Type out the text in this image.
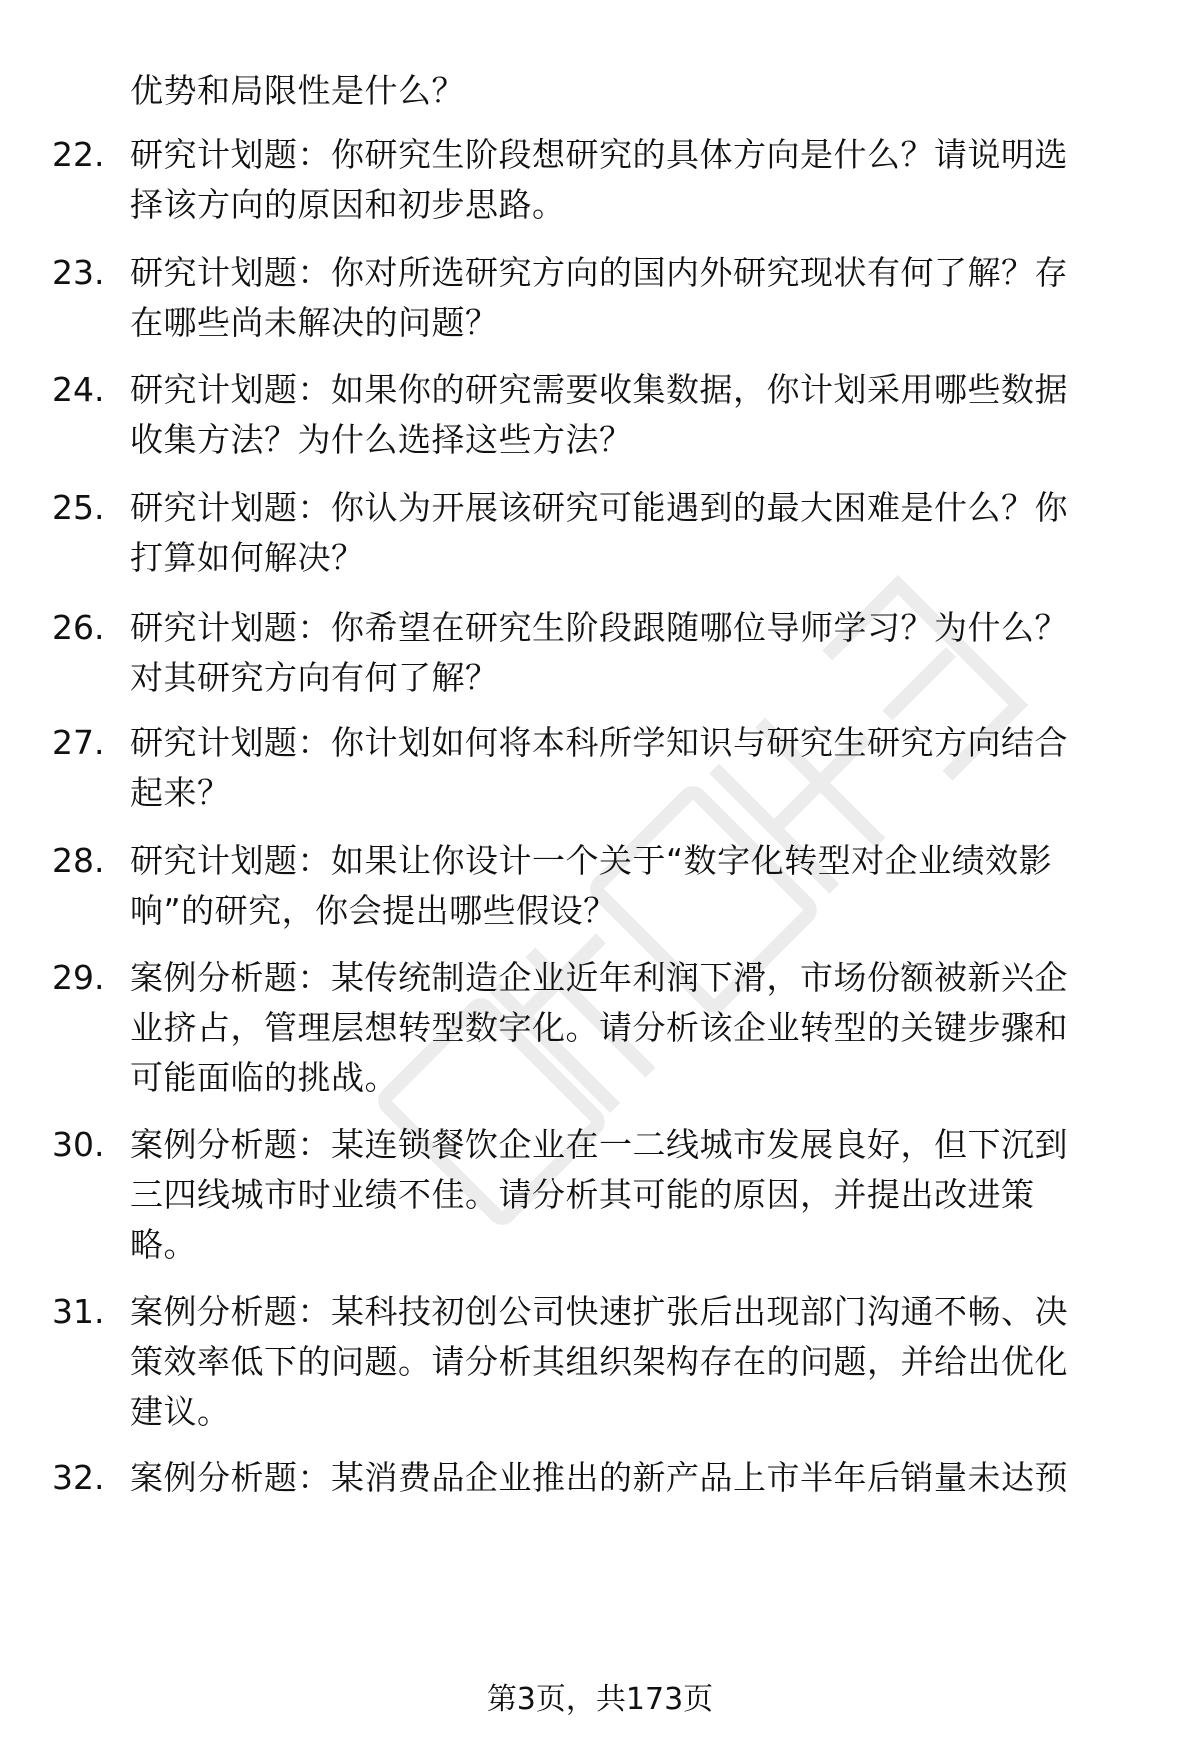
优势和局限性是什么？
22. 研究计划题：你研究生阶段想研究的具体方向是什么？请说明选
择该方向的原因和初步思路。
23. 研究计划题：你对所选研究方向的国内外研究现状有何了解？存
在哪些尚未解决的问题？
24. 研究计划题：如果你的研究需要收集数据，你计划采用哪些数据
收集方法？为什么选择这些方法？
25. 研究计划题：你认为开展该研究可能遇到的最大困难是什么？你
打算如何解决？
26. 研究计划题：你希望在研究生阶段跟随哪位导师学习？为什么？
对其研究方向有何了解？
27. 研究计划题：你计划如何将本科所学知识与研究生研究方向结合
起来？
28. 研究计划题：如果让你设计一个关于“数字化转型对企业绩效影
响”的研究，你会提出哪些假设？
29. 案例分析题：某传统制造企业近年利润下滑，市场份额被新兴企
业挤占，管理层想转型数字化。请分析该企业转型的关键步骤和
可能面临的挑战。
30. 案例分析题：某连锁餐饮企业在一二线城市发展良好，但下沉到
三四线城市时业绩不佳。请分析其可能的原因，并提出改进策
略。
31. 案例分析题：某科技初创公司快速扩张后出现部门沟通不畅、决
策效率低下的问题。请分析其组织架构存在的问题，并给出优化
建议。
32. 案例分析题：某消费品企业推出的新产品上市半年后销量未达预
第3页，共173页
